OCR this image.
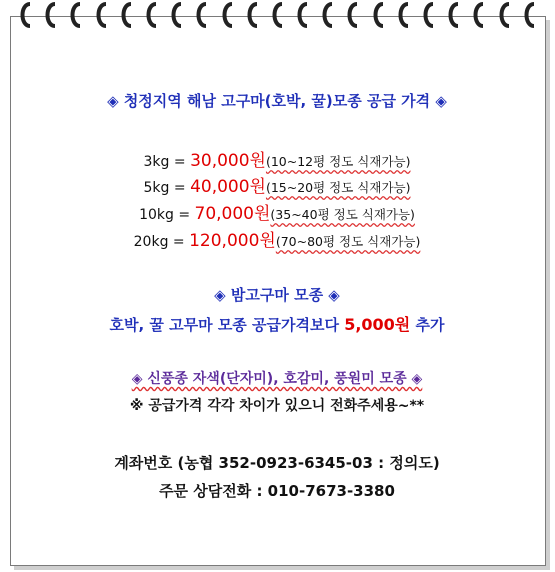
◈ 청정지역 해남 고구마(호박, 꿀)모종 공급 가격 ◈
3kg = 30,000원(10~12평 정도 식재가능)
5kg = 40,000원(15~20평 정도 식재가능)
10kg = 70,000원(35~40평 정도 식재가능)
20kg = 120,000원(70~80평 정도 식재가능)
◈ 밤고구마 모종 ◈
호박, 꿀 고무마 모종 공급가격보다 5,000원 추가
◈ 신풍종 자색(단자미), 호감미, 풍원미 모종 ◈
※ 공급가격 각각 차이가 있으니 전화주세용~**
계좌번호 (농협 352-0923-6345-03 : 정의도)
주문 상담전화 : 010-7673-3380
